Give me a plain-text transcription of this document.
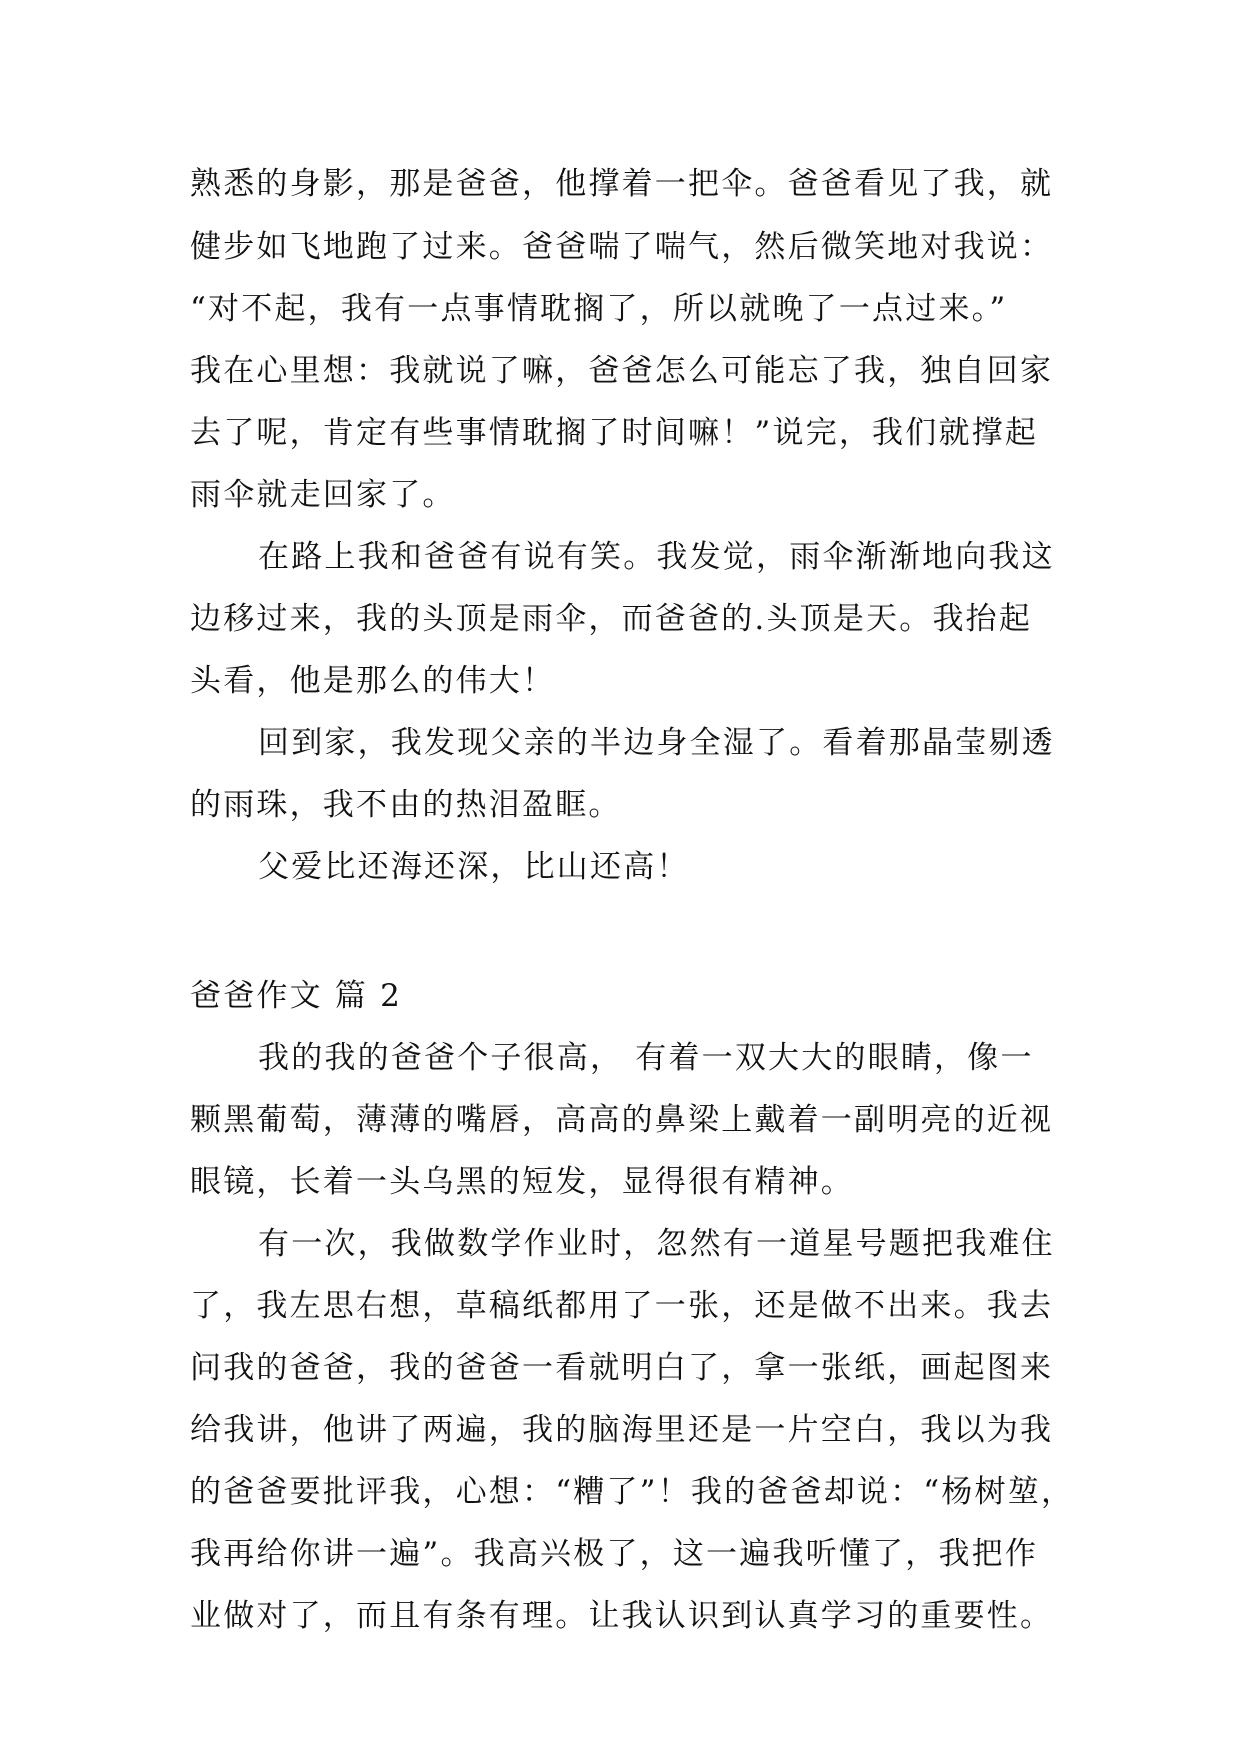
熟悉的身影，那是爸爸，他撑着一把伞。爸爸看见了我，就
健步如飞地跑了过来。爸爸喘了喘气，然后微笑地对我说：
“对不起，我有一点事情耽搁了，所以就晚了一点过来。”
我在心里想：我就说了嘛，爸爸怎么可能忘了我，独自回家
去了呢，肯定有些事情耽搁了时间嘛！”说完，我们就撑起
雨伞就走回家了。
在路上我和爸爸有说有笑。我发觉，雨伞渐渐地向我这
边移过来，我的头顶是雨伞，而爸爸的.头顶是天。我抬起
头看，他是那么的伟大！
回到家，我发现父亲的半边身全湿了。看着那晶莹剔透
的雨珠，我不由的热泪盈眶。
父爱比还海还深，比山还高！
爸爸作文 篇 2
我的我的爸爸个子很高， 有着一双大大的眼睛，像一
颗黑葡萄，薄薄的嘴唇，高高的鼻梁上戴着一副明亮的近视
眼镜，长着一头乌黑的短发，显得很有精神。
有一次，我做数学作业时，忽然有一道星号题把我难住
了，我左思右想，草稿纸都用了一张，还是做不出来。我去
问我的爸爸，我的爸爸一看就明白了，拿一张纸，画起图来
给我讲，他讲了两遍，我的脑海里还是一片空白，我以为我
的爸爸要批评我，心想：“糟了”！我的爸爸却说：“杨树堃，
我再给你讲一遍”。我高兴极了，这一遍我听懂了，我把作
业做对了，而且有条有理。让我认识到认真学习的重要性。
